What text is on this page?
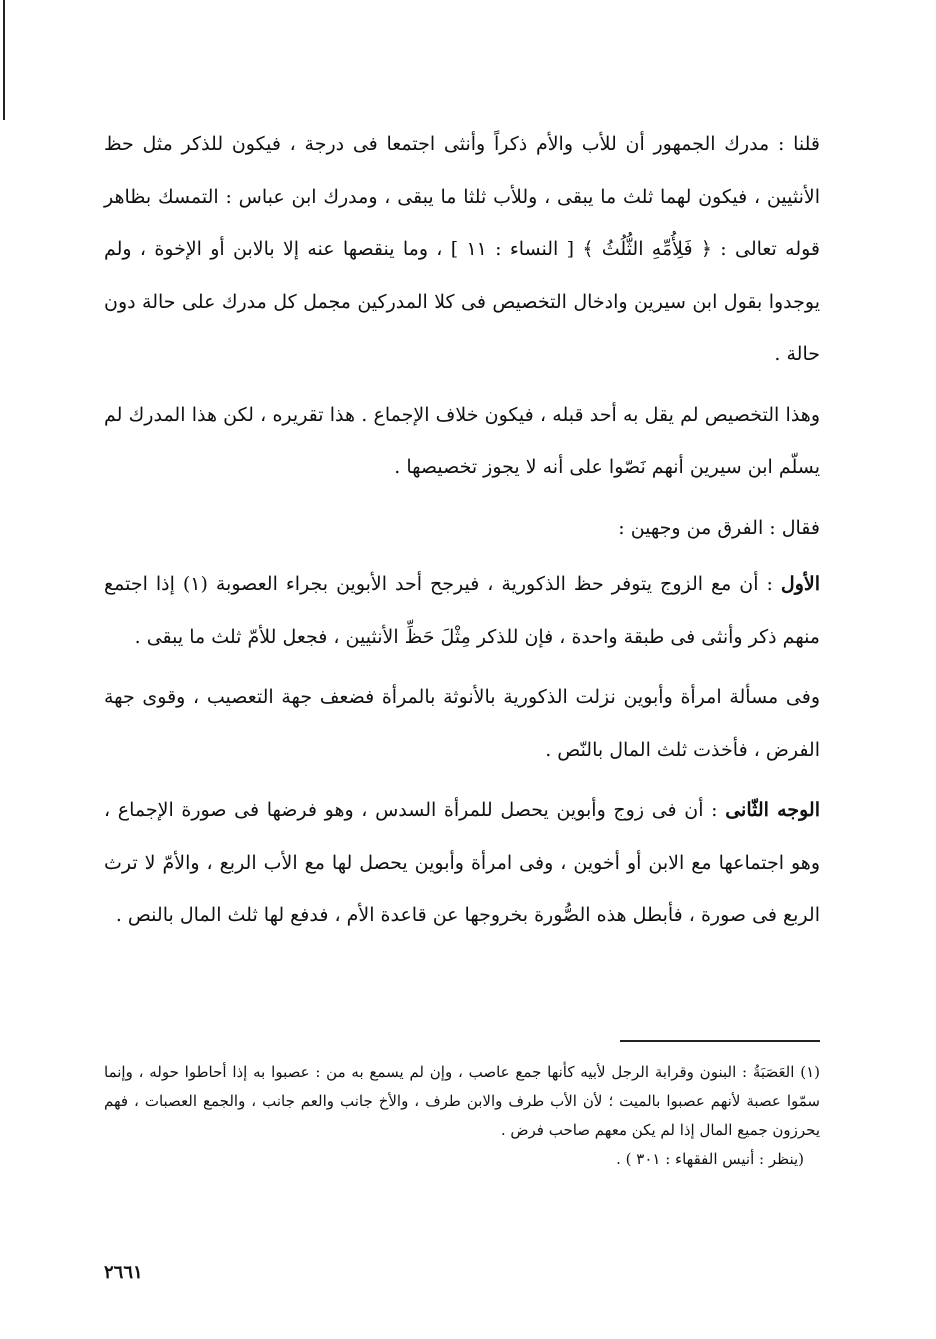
قلنا : مدرك الجمهور أن للأب والأم ذكراً وأنثى اجتمعا فى درجة ، فيكون للذكر مثل حظ الأنثيين ، فيكون لهما ثلث ما يبقى ، وللأب ثلثا ما يبقى ، ومدرك ابن عباس : التمسك بظاهر قوله تعالى : ﴿ فَلِأُمِّهِ الثُّلُثُ ﴾ [ النساء : ١١ ] ، وما ينقصها عنه إلا بالابن أو الإخوة ، ولم يوجدوا بقول ابن سيرين وادخال التخصيص فى كلا المدركين مجمل كل مدرك على حالة دون حالة .

وهذا التخصيص لم يقل به أحد قبله ، فيكون خلاف الإجماع . هذا تقريره ، لكن هذا المدرك لم يسلّم ابن سيرين أنهم نَصّوا على أنه لا يجوز تخصيصها .

فقال : الفرق من وجهين :

الأول : أن مع الزوج يتوفر حظ الذكورية ، فيرجح أحد الأبوين بجراء العصوبة (١) إذا اجتمع منهم ذكر وأنثى فى طبقة واحدة ، فإن للذكر مِثْلَ حَظِّ الأنثيين ، فجعل للأمّ ثلث ما يبقى .

وفى مسألة امرأة وأبوين نزلت الذكورية بالأنوثة بالمرأة فضعف جهة التعصيب ، وقوى جهة الفرض ، فأخذت ثلث المال بالنّص .

الوجه الثّانى : أن فى زوج وأبوين يحصل للمرأة السدس ، وهو فرضها فى صورة الإجماع ، وهو اجتماعها مع الابن أو أخوين ، وفى امرأة وأبوين يحصل لها مع الأب الربع ، والأمّ لا ترث الربع فى صورة ، فأبطل هذه الصُّورة بخروجها عن قاعدة الأم ، فدفع لها ثلث المال بالنص .

(١) العَصَبَةُ : البنون وقرابة الرجل لأبيه كأنها جمع عاصب ، وإن لم يسمع به من : عصبوا به إذا أحاطوا حوله ، وإنما سمّوا عصبة لأنهم عصبوا بالميت ؛ لأن الأب طرف والابن طرف ، والأخ جانب والعم جانب ، والجمع العصبات ، فهم يحرزون جميع المال إذا لم يكن معهم صاحب فرض .

(ينظر : أنيس الفقهاء : ٣٠١ ) .

٢٦٦١
